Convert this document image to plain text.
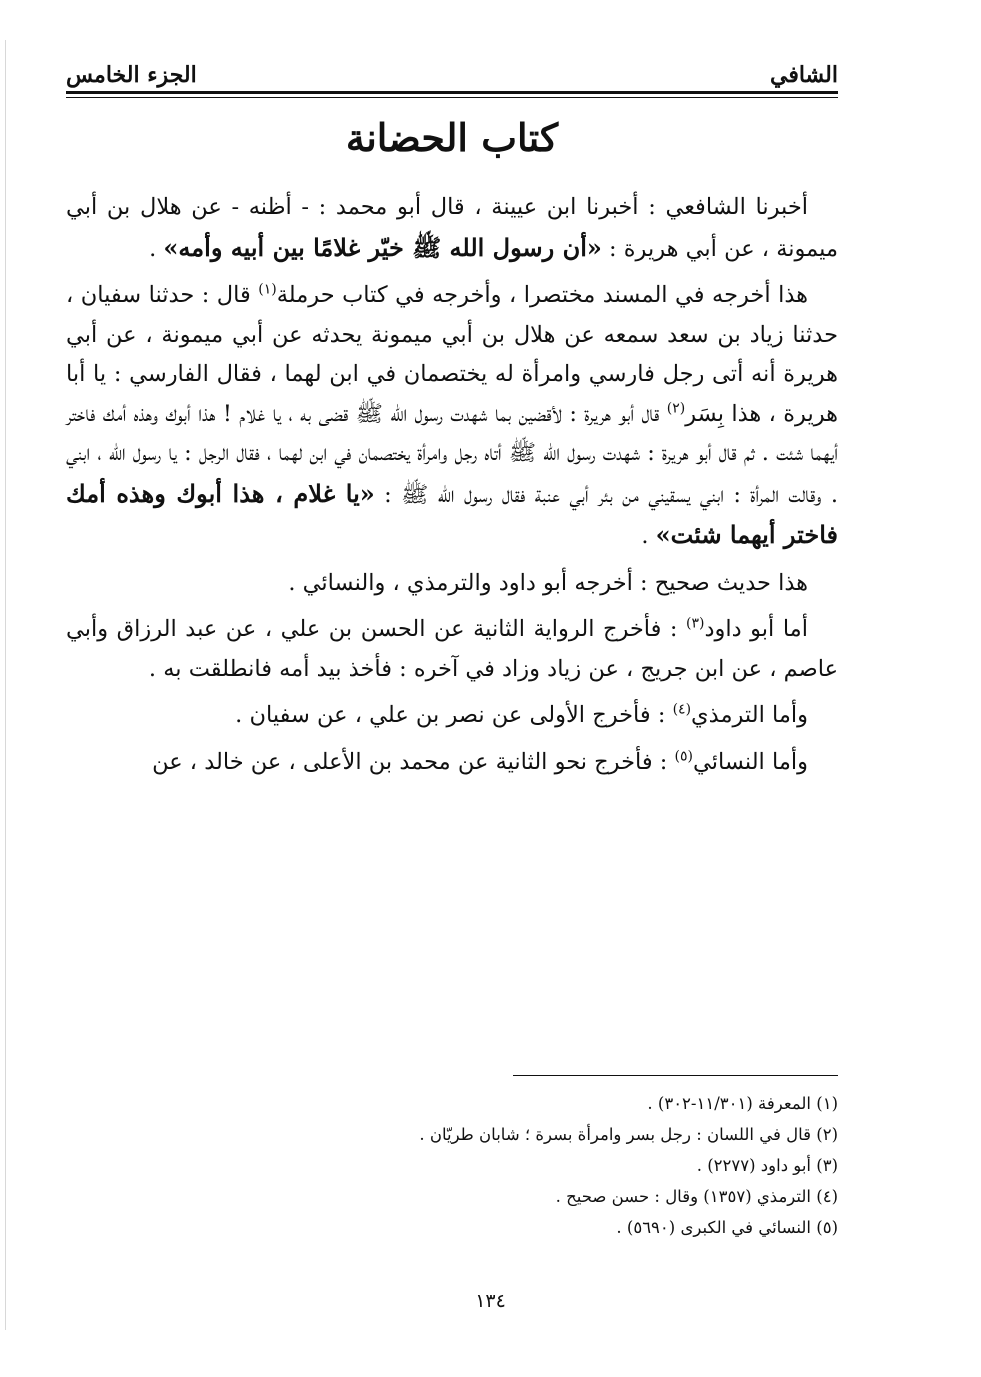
الشافي
الجزء الخامس
كتاب الحضانة

أخبرنا الشافعي : أخبرنا ابن عيينة ، قال أبو محمد : - أظنه - عن هلال بن أبي ميمونة ، عن أبي هريرة : «أن رسول الله ﷺ خيّر غلامًا بين أبيه وأمه» .

هذا أخرجه في المسند مختصرا ، وأخرجه في كتاب حرملة$^{(١)}$ قال : حدثنا سفيان ، حدثنا زياد بن سعد سمعه عن هلال بن أبي ميمونة يحدثه عن أبي ميمونة ، عن أبي هريرة أنه أتى رجل فارسي وامرأة له يختصمان في ابن لهما ، فقال الفارسي : يا أبا هريرة ، هذا بِسَر$^{(٢)}$ قال أبو هريرة : لأقضين بما شهدت رسول الله ﷺ قضى به ، يا غلام ! هذا أبوك وهذه أمك فاختر أيهما شئت . ثم قال أبو هريرة : شهدت رسول الله ﷺ أتاه رجل وامرأة يختصمان في ابن لهما ، فقال الرجل : يا رسول الله ، ابني . وقالت المرأة : ابني يسقيني من بئر أبي عنبة فقال رسول الله ﷺ : «يا غلام ، هذا أبوك وهذه أمك فاختر أيهما شئت» .

هذا حديث صحيح : أخرجه أبو داود والترمذي ، والنسائي .

أما أبو داود$^{(٣)}$ : فأخرج الرواية الثانية عن الحسن بن علي ، عن عبد الرزاق وأبي عاصم ، عن ابن جريج ، عن زياد وزاد في آخره : فأخذ بيد أمه فانطلقت به .

وأما الترمذي$^{(٤)}$ : فأخرج الأولى عن نصر بن علي ، عن سفيان .

وأما النسائي$^{(٥)}$ : فأخرج نحو الثانية عن محمد بن الأعلى ، عن خالد ، عن

(١) المعرفة (١١/٣٠١-٣٠٢) .
(٢) قال في اللسان : رجل بسر وامرأة بسرة ؛ شابان طريّان .
(٣) أبو داود (٢٢٧٧) .
(٤) الترمذي (١٣٥٧) وقال : حسن صحيح .
(٥) النسائي في الكبرى (٥٦٩٠) .
١٣٤
